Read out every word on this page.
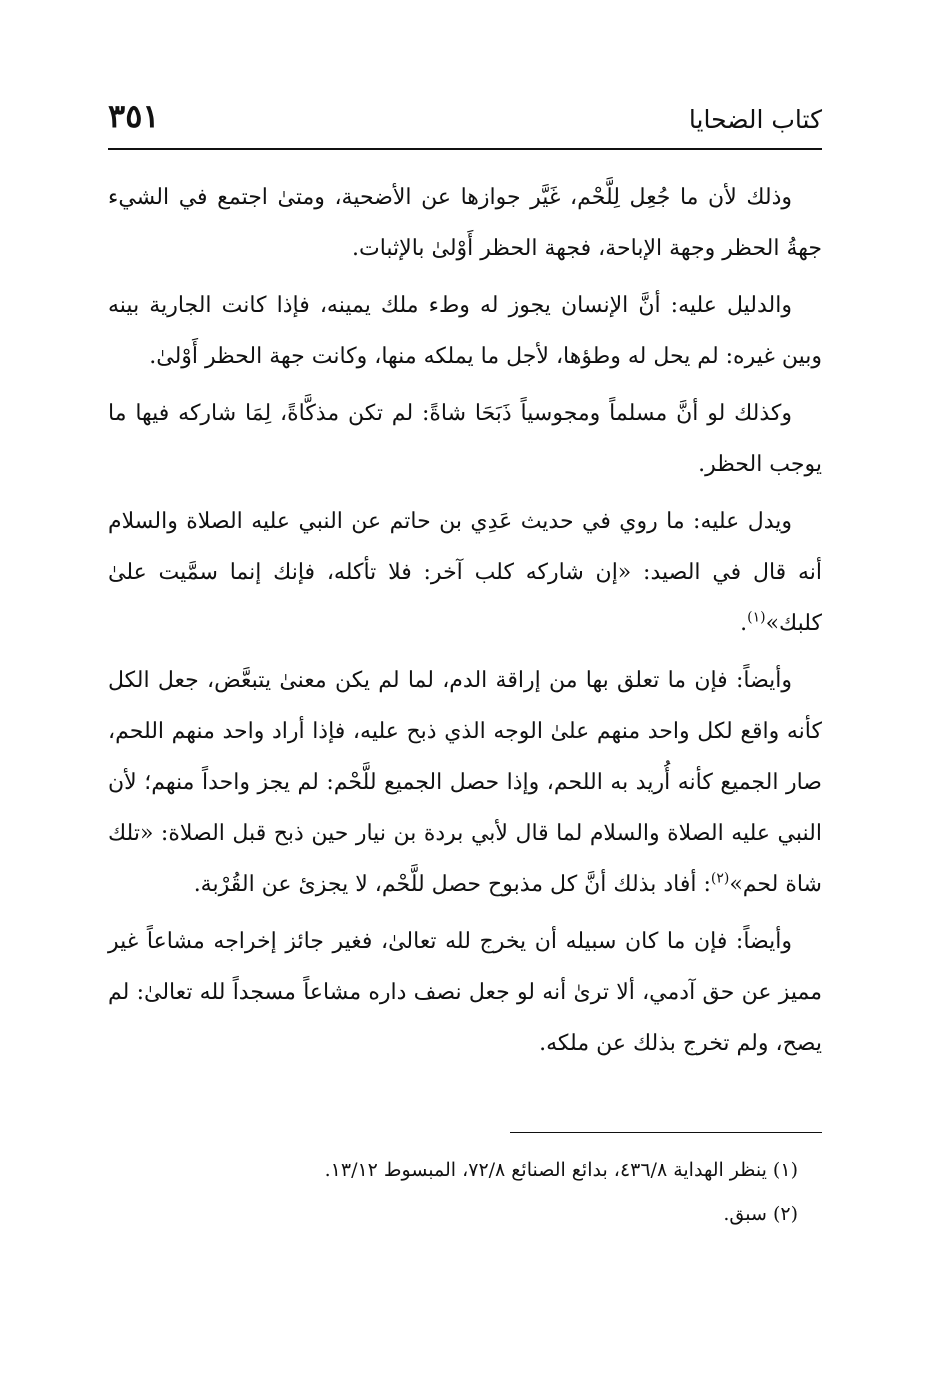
كتاب الضحايا
٣٥١

وذلك لأن ما جُعِل لِلَّحْم، غَيَّر جوازها عن الأضحية، ومتىٰ اجتمع في الشيء جهةُ الحظر وجهة الإباحة، فجهة الحظر أَوْلىٰ بالإثبات.

والدليل عليه: أنَّ الإنسان يجوز له وطء ملك يمينه، فإذا كانت الجارية بينه وبين غيره: لم يحل له وطؤها، لأجل ما يملكه منها، وكانت جهة الحظر أَوْلىٰ.

وكذلك لو أنَّ مسلماً ومجوسياً ذَبَحَا شاةً: لم تكن مذكَّاةً، لِمَا شاركه فيها ما يوجب الحظر.

ويدل عليه: ما روي في حديث عَدِي بن حاتم عن النبي عليه الصلاة والسلام أنه قال في الصيد: «إن شاركه كلب آخر: فلا تأكله، فإنك إنما سمَّيت علىٰ كلبك»$^{(١)}$.

وأيضاً: فإن ما تعلق بها من إراقة الدم، لما لم يكن معنىٰ يتبعَّض، جعل الكل كأنه واقع لكل واحد منهم علىٰ الوجه الذي ذبح عليه، فإذا أراد واحد منهم اللحم، صار الجميع كأنه أُريد به اللحم، وإذا حصل الجميع للَّحْم: لم يجز واحداً منهم؛ لأن النبي عليه الصلاة والسلام لما قال لأبي بردة بن نيار حين ذبح قبل الصلاة: «تلك شاة لحم»$^{(٢)}$: أفاد بذلك أنَّ كل مذبوح حصل للَّحْم، لا يجزئ عن القُرْبة.

وأيضاً: فإن ما كان سبيله أن يخرج لله تعالىٰ، فغير جائز إخراجه مشاعاً غير مميز عن حق آدمي، ألا ترىٰ أنه لو جعل نصف داره مشاعاً مسجداً لله تعالىٰ: لم يصح، ولم تخرج بذلك عن ملكه.

(١) ينظر الهداية ٤٣٦/٨، بدائع الصنائع ٧٢/٨، المبسوط ١٣/١٢.

(٢) سبق.
